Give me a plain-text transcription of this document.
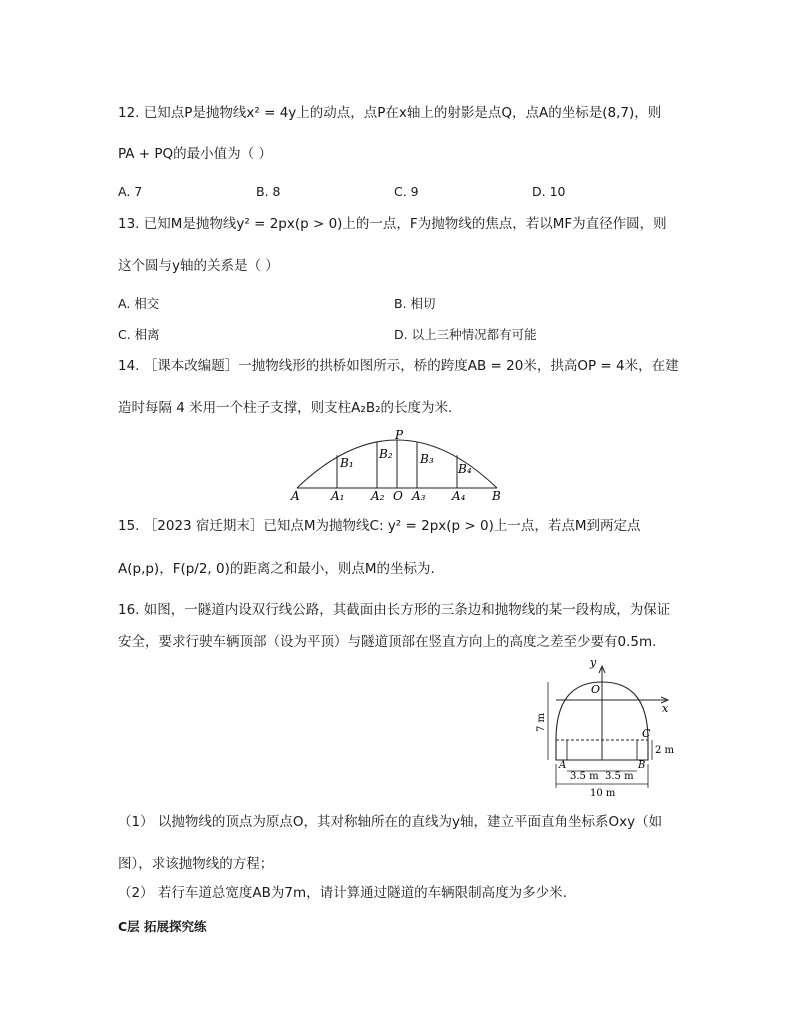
12. 已知点P是抛物线x² = 4y上的动点，点P在x轴上的射影是点Q，点A的坐标是(8,7)，则
PA + PQ的最小值为（ ）
A. 7	B. 8	C. 9	D. 10
13. 已知M是抛物线y² = 2px(p > 0)上的一点，F为抛物线的焦点，若以MF为直径作圆，则
这个圆与y轴的关系是（ ）
A. 相交	B. 相切
C. 相离	D. 以上三种情况都有可能
14. ［课本改编题］一抛物线形的拱桥如图所示，桥的跨度AB = 20米，拱高OP = 4米，在建
造时每隔 4 米用一个柱子支撑，则支柱A₂B₂的长度为米.
P
A	A₁ A₂ O A₃ A₄ B
B₁
B₂ B₃
B₄
15. ［2023 宿迁期末］已知点M为抛物线C: y² = 2px(p > 0)上一点，若点M到两定点
A(p,p)，F(p/2, 0)的距离之和最小，则点M的坐标为.
16. 如图，一隧道内设双行线公路，其截面由长方形的三条边和抛物线的某一段构成，为保证
安全，要求行驶车辆顶部（设为平顶）与隧道顶部在竖直方向上的高度之差至少要有0.5m.
y
x
O
C
A	B
7 m
2 m
3.5 m 3.5 m
10 m
（1） 以抛物线的顶点为原点O，其对称轴所在的直线为y轴，建立平面直角坐标系Oxy（如
图），求该抛物线的方程；
（2） 若行车道总宽度AB为7m，请计算通过隧道的车辆限制高度为多少米.
C层 拓展探究练
